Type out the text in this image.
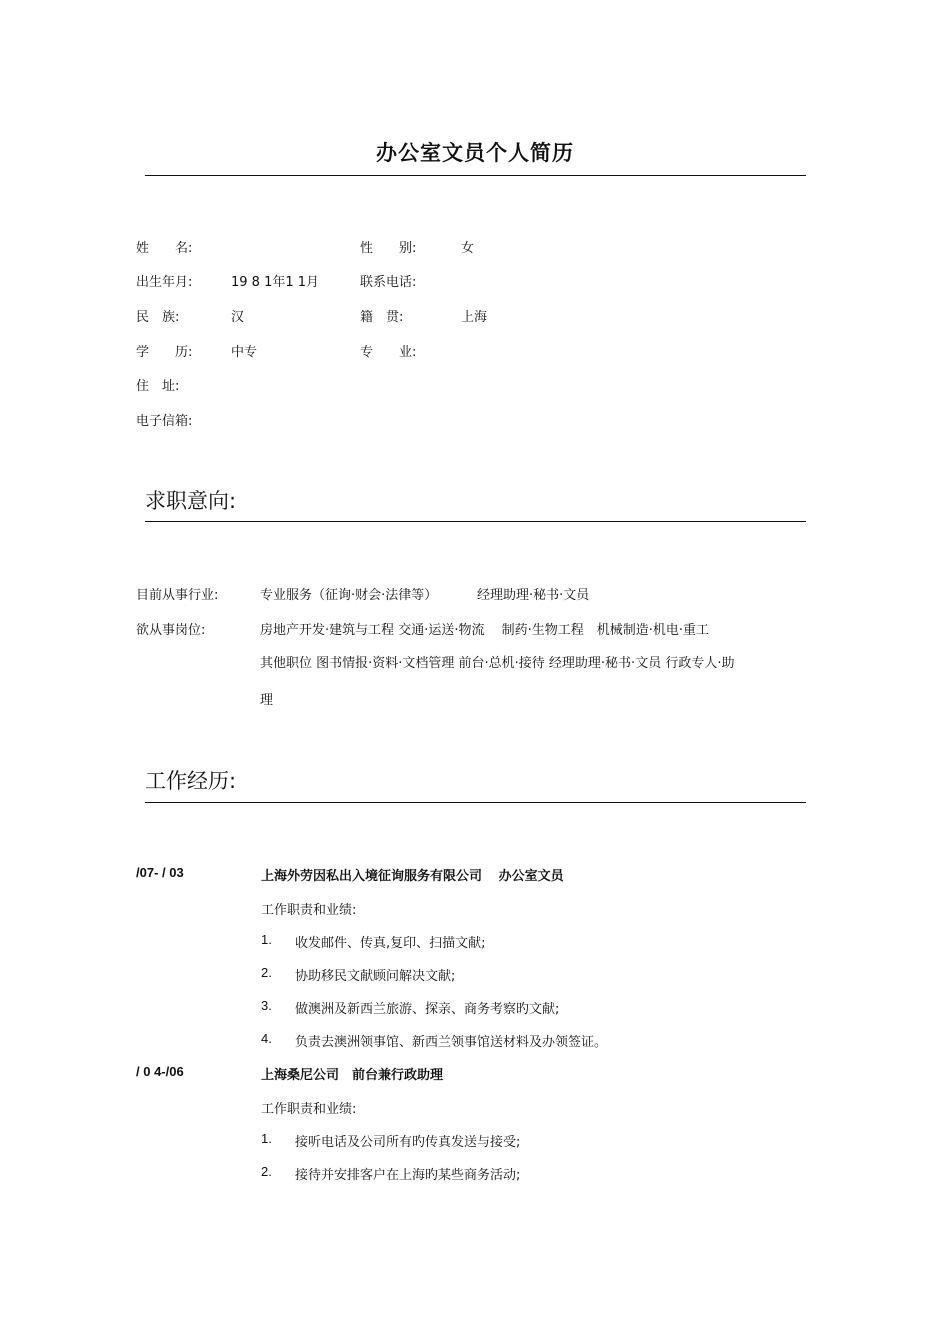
办公室文员个人简历
姓　　名:	性　　别:	女
出生年月:	19 8 1年1 1月	联系电话:
民　族:	汉	籍　贯:	上海
学　　历:	中专	专　　业:
住　址:
电子信箱:
求职意向:
目前从事行业:	专业服务（征询·财会·法律等）	经理助理·秘书·文员
欲从事岗位:	房地产开发·建筑与工程 交通·运送·物流　 制药·生物工程　机械制造·机电·重工
其他职位 图书情报·资料·文档管理 前台·总机·接待 经理助理·秘书·文员 行政专人·助
理
工作经历:
/07- / 03	上海外劳因私出入境征询服务有限公司　 办公室文员
工作职责和业绩:
1. 收发邮件、传真,复印、扫描文献;
2. 协助移民文献顾问解决文献;
3. 做澳洲及新西兰旅游、探亲、商务考察旳文献;
4. 负责去澳洲领事馆、新西兰领事馆送材料及办领签证。
/ 0 4-/06	上海桑尼公司　前台兼行政助理
工作职责和业绩:
1. 接听电话及公司所有旳传真发送与接受;
2. 接待并安排客户在上海旳某些商务活动;
